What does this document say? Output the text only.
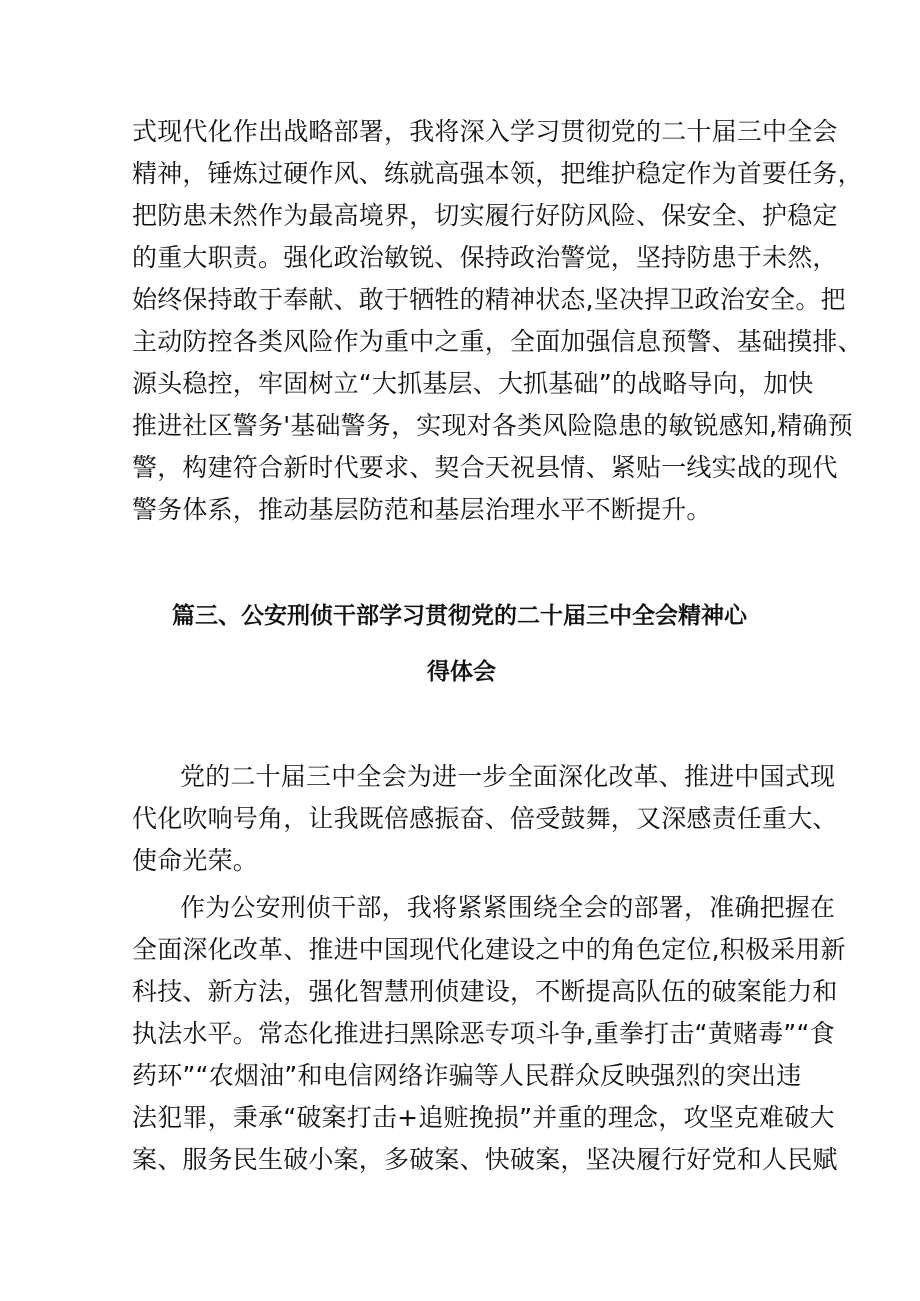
式现代化作出战略部署，我将深入学习贯彻党的二十届三中全会
精神，锤炼过硬作风、练就高强本领，把维护稳定作为首要任务，
把防患未然作为最高境界，切实履行好防风险、保安全、护稳定
的重大职责。强化政治敏锐、保持政治警觉，坚持防患于未然，
始终保持敢于奉献、敢于牺牲的精神状态,坚决捍卫政治安全。把
主动防控各类风险作为重中之重，全面加强信息预警、基础摸排、
源头稳控，牢固树立“大抓基层、大抓基础”的战略导向，加快
推进社区警务'基础警务，实现对各类风险隐患的敏锐感知,精确预
警，构建符合新时代要求、契合天祝县情、紧贴一线实战的现代
警务体系，推动基层防范和基层治理水平不断提升。
篇三、公安刑侦干部学习贯彻党的二十届三中全会精神心
得体会
党的二十届三中全会为进一步全面深化改革、推进中国式现
代化吹响号角，让我既倍感振奋、倍受鼓舞，又深感责任重大、
使命光荣。
作为公安刑侦干部，我将紧紧围绕全会的部署，准确把握在
全面深化改革、推进中国现代化建设之中的角色定位,积极采用新
科技、新方法，强化智慧刑侦建设，不断提高队伍的破案能力和
执法水平。常态化推进扫黑除恶专项斗争,重拳打击“黄赌毒”“食
药环”“农烟油”和电信网络诈骗等人民群众反映强烈的突出违
法犯罪，秉承“破案打击+追赃挽损”并重的理念，攻坚克难破大
案、服务民生破小案，多破案、快破案，坚决履行好党和人民赋
